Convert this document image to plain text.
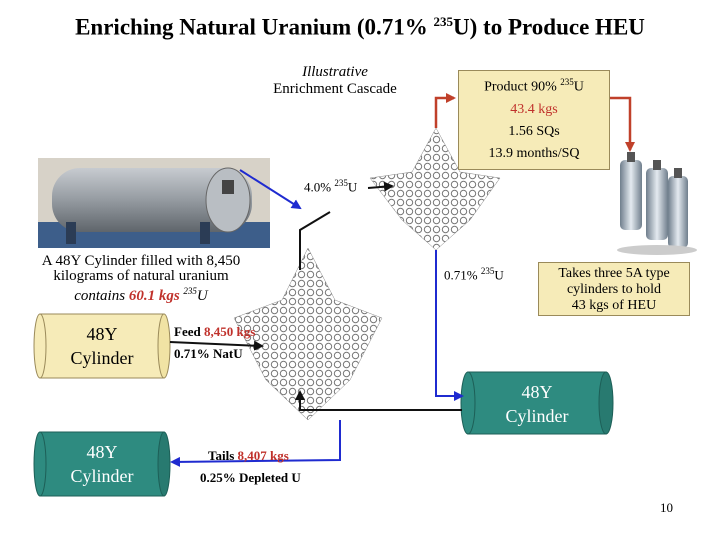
Enriching Natural Uranium (0.71% $^{235}$U) to Produce HEU
Illustrative
Enrichment Cascade	Product 90% $^{235}$U
43.4 kgs
1.56 SQs
13.9 months/SQ
4.0% $^{235}$U
0.71% $^{235}$U
A 48Y Cylinder filled with 8,450
kilograms of natural uranium
contains 60.1 kgs $^{235}$U
Takes three 5A type
cylinders to hold
43 kgs of HEU
48Y
Cylinder
48Y
Cylinder
48Y
Cylinder
Feed 8,450 kgs
0.71% NatU
Tails 8,407 kgs
0.25% Depleted U
10
